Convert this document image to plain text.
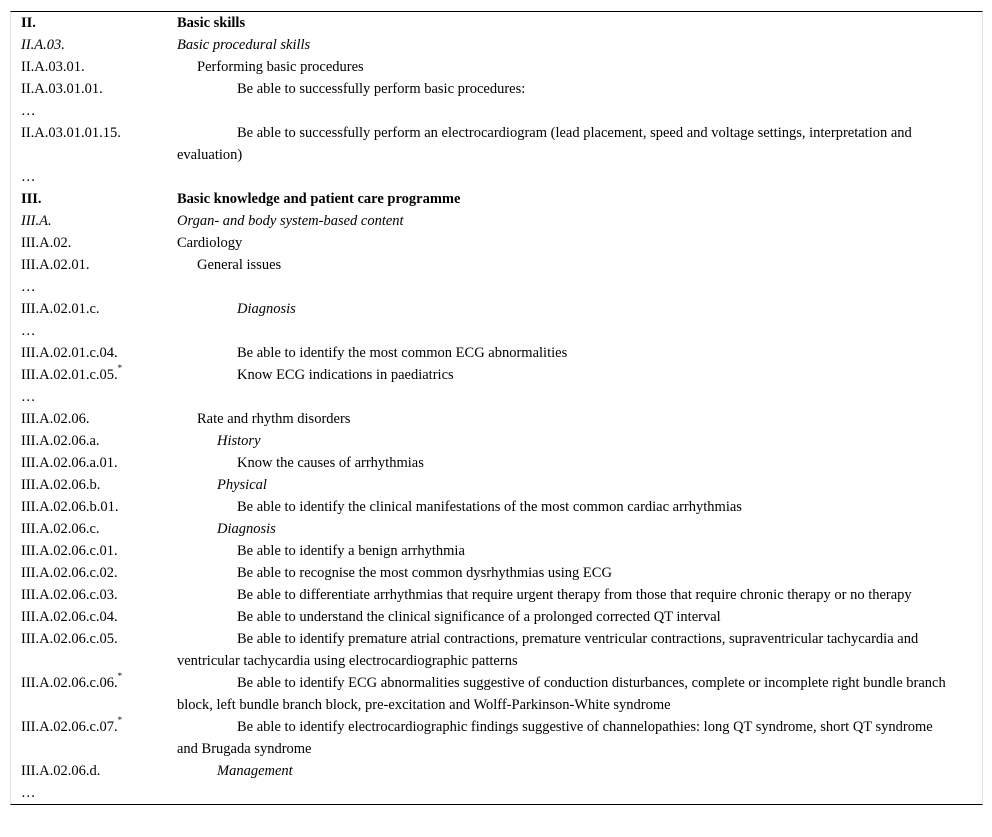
II.	Basic skills
II.A.03.	Basic procedural skills
II.A.03.01.	Performing basic procedures
II.A.03.01.01.	Be able to successfully perform basic procedures:
…
II.A.03.01.01.15.	Be able to successfully perform an electrocardiogram (lead placement, speed and voltage settings, interpretation and evaluation)
…
III.	Basic knowledge and patient care programme
III.A.	Organ- and body system-based content
III.A.02.	Cardiology
III.A.02.01.	General issues
…
III.A.02.01.c.	Diagnosis
…
III.A.02.01.c.04.	Be able to identify the most common ECG abnormalities
III.A.02.01.c.05.*	Know ECG indications in paediatrics
…
III.A.02.06.	Rate and rhythm disorders
III.A.02.06.a.	History
III.A.02.06.a.01.	Know the causes of arrhythmias
III.A.02.06.b.	Physical
III.A.02.06.b.01.	Be able to identify the clinical manifestations of the most common cardiac arrhythmias
III.A.02.06.c.	Diagnosis
III.A.02.06.c.01.	Be able to identify a benign arrhythmia
III.A.02.06.c.02.	Be able to recognise the most common dysrhythmias using ECG
III.A.02.06.c.03.	Be able to differentiate arrhythmias that require urgent therapy from those that require chronic therapy or no therapy
III.A.02.06.c.04.	Be able to understand the clinical significance of a prolonged corrected QT interval
III.A.02.06.c.05.	Be able to identify premature atrial contractions, premature ventricular contractions, supraventricular tachycardia and ventricular tachycardia using electrocardiographic patterns
III.A.02.06.c.06.*	Be able to identify ECG abnormalities suggestive of conduction disturbances, complete or incomplete right bundle branch block, left bundle branch block, pre-excitation and Wolff-Parkinson-White syndrome
III.A.02.06.c.07.*	Be able to identify electrocardiographic findings suggestive of channelopathies: long QT syndrome, short QT syndrome and Brugada syndrome
III.A.02.06.d.	Management
…
